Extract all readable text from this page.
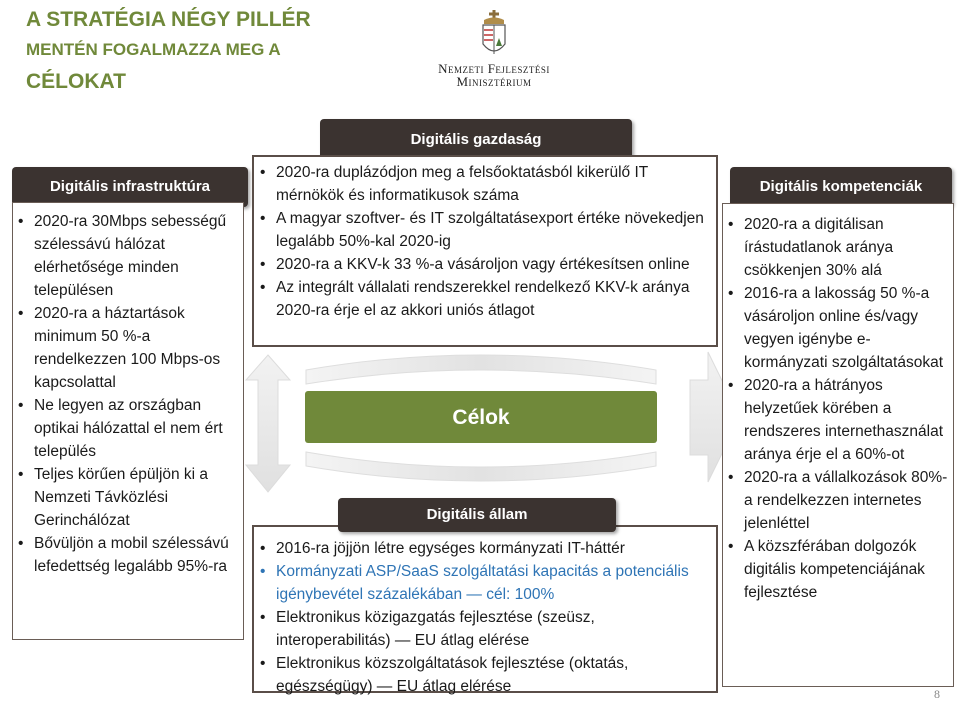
A STRATÉGIA NÉGY PILLÉR
MENTÉN FOGALMAZZA MEG A
CÉLOKAT
Nemzeti Fejlesztési
Minisztérium
Digitális infrastruktúra
• 2020-ra 30Mbps sebességű szélessávú hálózat elérhetősége minden településen
• 2020-ra a háztartások minimum 50 %-a rendelkezzen 100 Mbps-os kapcsolattal
• Ne legyen az országban optikai hálózattal el nem ért település
• Teljes körűen épüljön ki a Nemzeti Távközlési Gerinchálózat
• Bővüljön a mobil szélessávú lefedettség legalább 95%-ra
Digitális gazdaság
• 2020-ra duplázódjon meg a felsőoktatásból kikerülő IT mérnökök és informatikusok száma
• A magyar szoftver- és IT szolgáltatásexport értéke növekedjen legalább 50%-kal 2020-ig
• 2020-ra a KKV-k 33 %-a vásároljon vagy értékesítsen online
• Az integrált vállalati rendszerekkel rendelkező KKV-k aránya 2020-ra érje el az akkori uniós átlagot
Célok
• 2016-ra jöjjön létre egységes kormányzati IT-háttér
• Kormányzati ASP/SaaS szolgáltatási kapacitás a potenciális igénybevétel százalékában — cél: 100%
• Elektronikus közigazgatás fejlesztése (szeüsz, interoperabilitás) — EU átlag elérése
• Elektronikus közszolgáltatások fejlesztése (oktatás, egészségügy) — EU átlag elérése
Digitális állam
Digitális kompetenciák
• 2020-ra a digitálisan írástudatlanok aránya csökkenjen 30% alá
• 2016-ra a lakosság 50 %-a vásároljon online és/vagy vegyen igénybe e-kormányzati szolgáltatásokat
• 2020-ra a hátrányos helyzetűek körében a rendszeres internethasználat aránya érje el a 60%-ot
• 2020-ra a vállalkozások 80%-a rendelkezzen internetes jelenléttel
• A közszférában dolgozók digitális kompetenciájának fejlesztése
8
